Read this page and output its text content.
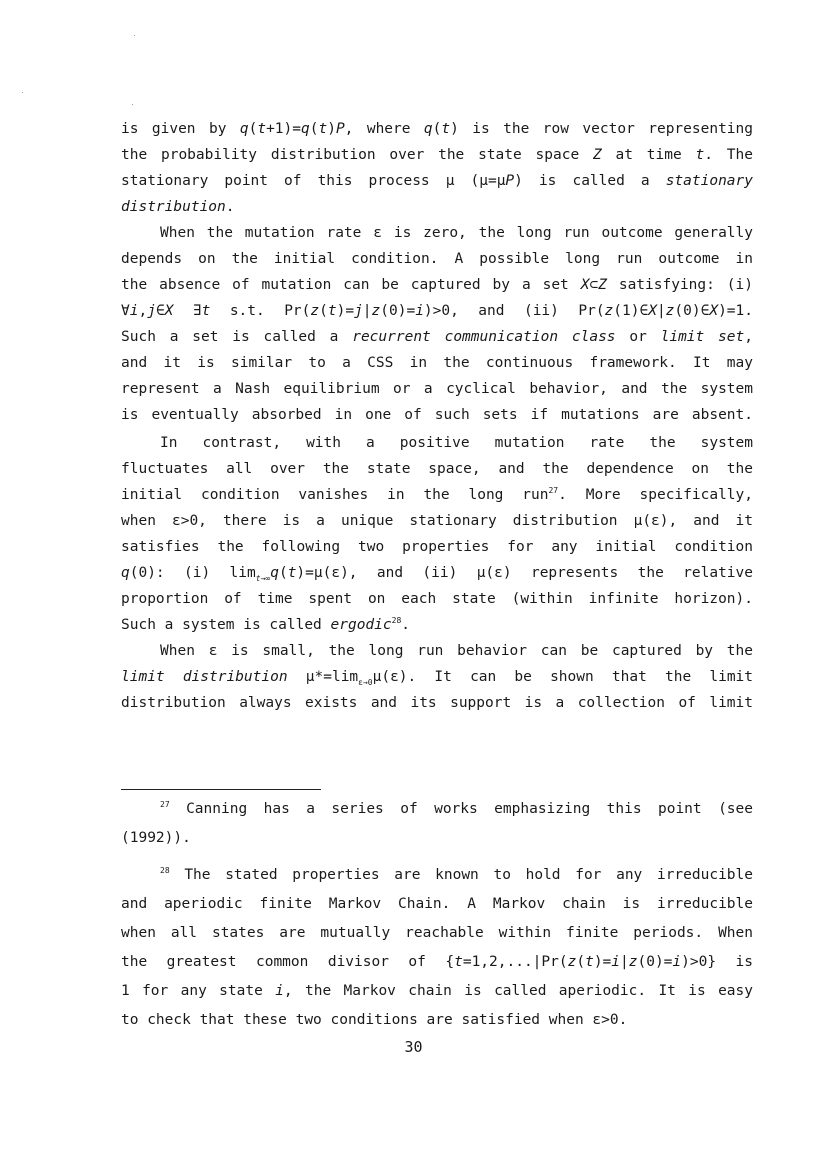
is given by q(t+1)=q(t)P, where q(t) is the row vector representing
the probability distribution over the state space Z at time t. The
stationary point of this process μ (μ=μP) is called a stationary
distribution.
When the mutation rate ε is zero, the long run outcome generally
depends on the initial condition. A possible long run outcome in
the absence of mutation can be captured by a set X⊂Z satisfying: (i)
∀i,j∈X ∃t s.t. Pr(z(t)=j|z(0)=i)>0, and (ii) Pr(z(1)∈X|z(0)∈X)=1.
Such a set is called a recurrent communication class or limit set,
and it is similar to a CSS in the continuous framework. It may
represent a Nash equilibrium or a cyclical behavior, and the system
is eventually absorbed in one of such sets if mutations are absent.
In contrast, with a positive mutation rate the system
fluctuates all over the state space, and the dependence on the
initial condition vanishes in the long run$^{27}$. More specifically,
when ε>0, there is a unique stationary distribution μ(ε), and it
satisfies the following two properties for any initial condition
q(0): (i) $\lim_{t\to\infty}q(t)=\mu(\varepsilon)$, and (ii) μ(ε) represents the relative
proportion of time spent on each state (within infinite horizon).
Such a system is called ergodic$^{28}$.
When ε is small, the long run behavior can be captured by the
limit distribution $\mu*=\lim_{\varepsilon\to 0}\mu(\varepsilon)$. It can be shown that the limit
distribution always exists and its support is a collection of limit
$^{27}$ Canning has a series of works emphasizing this point (see
(1992)).
$^{28}$ The stated properties are known to hold for any irreducible
and aperiodic finite Markov Chain. A Markov chain is irreducible
when all states are mutually reachable within finite periods. When
the greatest common divisor of {t=1,2,...|Pr(z(t)=i|z(0)=i)>0} is
1 for any state i, the Markov chain is called aperiodic. It is easy
to check that these two conditions are satisfied when ε>0.
30
